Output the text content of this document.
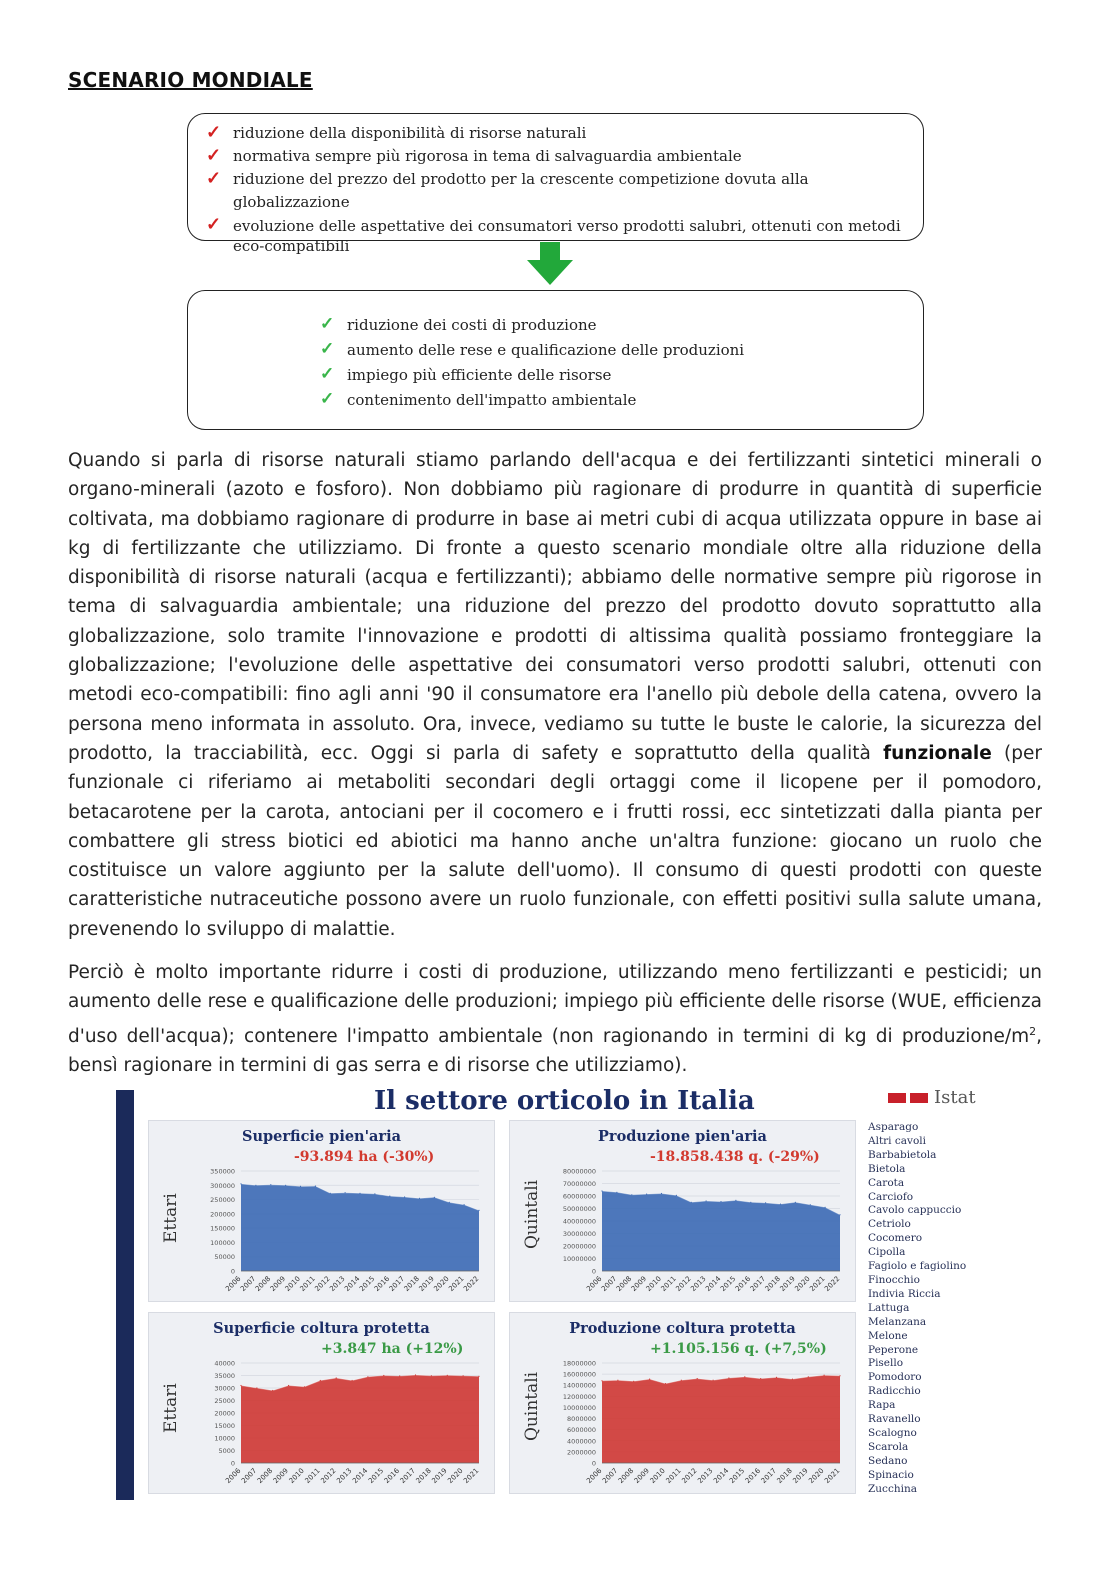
SCENARIO MONDIALE
✓ riduzione della disponibilità di risorse naturali
✓ normativa sempre più rigorosa in tema di salvaguardia ambientale
✓ riduzione del prezzo del prodotto per la crescente competizione dovuta alla globalizzazione
✓ evoluzione delle aspettative dei consumatori verso prodotti salubri, ottenuti con metodi eco-compatibili
✓ riduzione dei costi di produzione
✓ aumento delle rese e qualificazione delle produzioni
✓ impiego più efficiente delle risorse
✓ contenimento dell'impatto ambientale

Quando si parla di risorse naturali stiamo parlando dell'acqua e dei fertilizzanti sintetici minerali o organo-minerali (azoto e fosforo). Non dobbiamo più ragionare di produrre in quantità di superficie coltivata, ma dobbiamo ragionare di produrre in base ai metri cubi di acqua utilizzata oppure in base ai kg di fertilizzante che utilizziamo. Di fronte a questo scenario mondiale oltre alla riduzione della disponibilità di risorse naturali (acqua e fertilizzanti); abbiamo delle normative sempre più rigorose in tema di salvaguardia ambientale; una riduzione del prezzo del prodotto dovuto soprattutto alla globalizzazione, solo tramite l'innovazione e prodotti di altissima qualità possiamo fronteggiare la globalizzazione; l'evoluzione delle aspettative dei consumatori verso prodotti salubri, ottenuti con metodi eco-compatibili: fino agli anni '90 il consumatore era l'anello più debole della catena, ovvero la persona meno informata in assoluto. Ora, invece, vediamo su tutte le buste le calorie, la sicurezza del prodotto, la tracciabilità, ecc. Oggi si parla di safety e soprattutto della qualità funzionale (per funzionale ci riferiamo ai metaboliti secondari degli ortaggi come il licopene per il pomodoro, betacarotene per la carota, antociani per il cocomero e i frutti rossi, ecc sintetizzati dalla pianta per combattere gli stress biotici ed abiotici ma hanno anche un'altra funzione: giocano un ruolo che costituisce un valore aggiunto per la salute dell'uomo). Il consumo di questi prodotti con queste caratteristiche nutraceutiche possono avere un ruolo funzionale, con effetti positivi sulla salute umana, prevenendo lo sviluppo di malattie.

Perciò è molto importante ridurre i costi di produzione, utilizzando meno fertilizzanti e pesticidi; un aumento delle rese e qualificazione delle produzioni; impiego più efficiente delle risorse (WUE, efficienza d'uso dell'acqua); contenere l'impatto ambientale (non ragionando in termini di kg di produzione/$m^2$, bensì ragionare in termini di gas serra e di risorse che utilizziamo).

Il settore orticolo in Italia	Istat
Superficie pien'aria
-93.894 ha (-30%)
Ettari
350000
300000
250000
200000
150000
100000
50000
0
2006
2007
2008
2009
2010
2011
2012
2013
2014
2015
2016
2017
2018
2019
2020
2021
2022
Produzione pien'aria
-18.858.438 q. (-29%)
Quintali
80000000
70000000
60000000
50000000
40000000
30000000
20000000
10000000
0
2006
2007
2008
2009
2010
2011
2012
2013
2014
2015
2016
2017
2018
2019
2020
2021
2022
Superficie coltura protetta
+3.847 ha (+12%)
Ettari
40000
35000
30000
25000
20000
15000
10000
5000
0
2006
2007
2008
2009
2010
2011
2012
2013
2014
2015
2016
2017
2018
2019
2020
2021
Produzione coltura protetta
+1.105.156 q. (+7,5%)
Quintali
18000000
16000000
14000000
12000000
10000000
8000000
6000000
4000000
2000000
0
2006
2007
2008
2009
2010
2011
2012
2013
2014
2015
2016
2017
2018
2019
2020
2021
Asparago
Altri cavoli
Barbabietola
Bietola
Carota
Carciofo
Cavolo cappuccio
Cetriolo
Cocomero
Cipolla
Fagiolo e fagiolino
Finocchio
Indivia Riccia
Lattuga
Melanzana
Melone
Peperone
Pisello
Pomodoro
Radicchio
Rapa
Ravanello
Scalogno
Scarola
Sedano
Spinacio
Zucchina
